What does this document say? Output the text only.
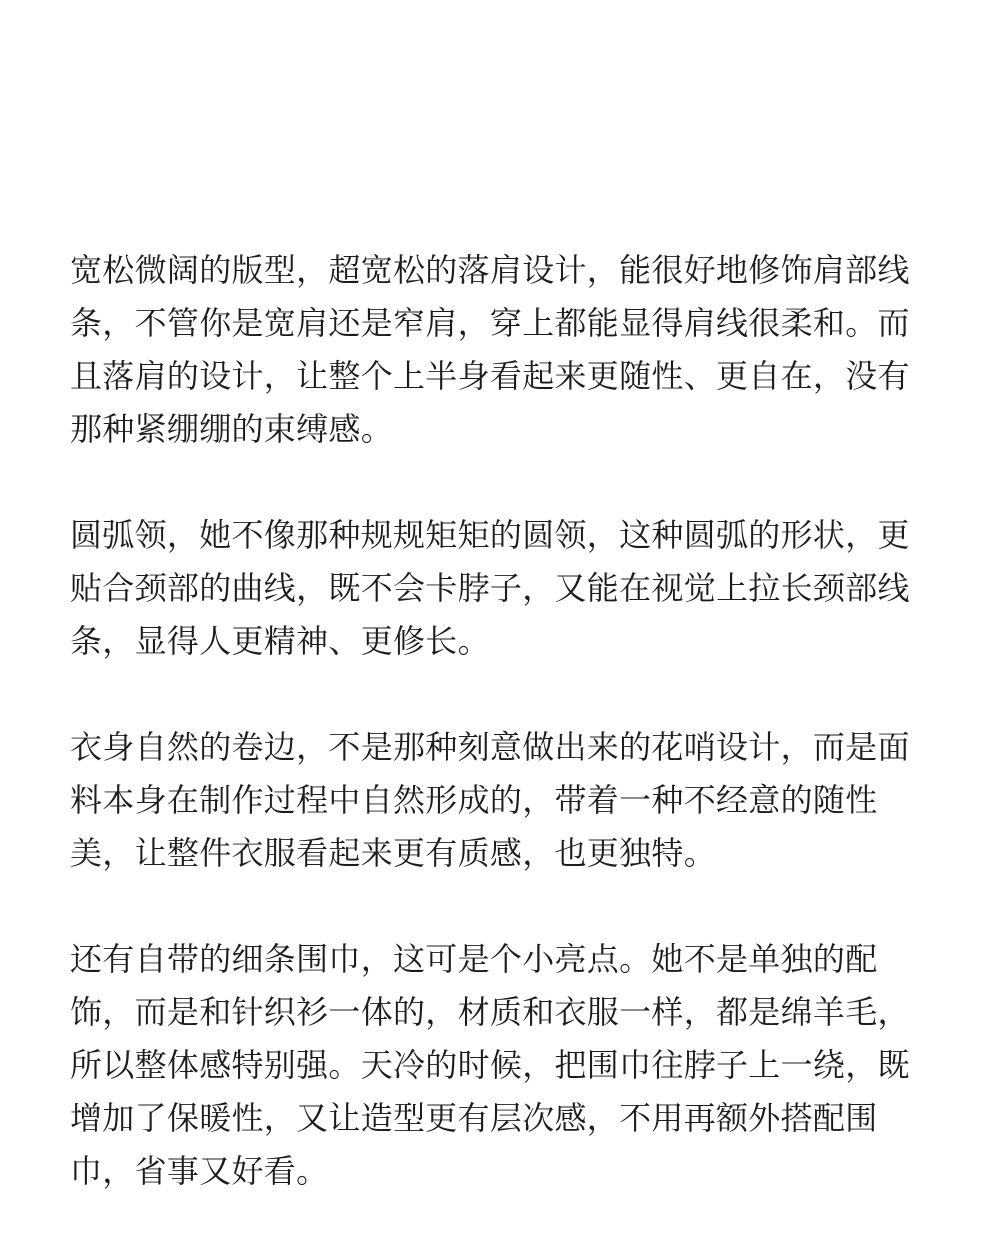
宽松微阔的版型，超宽松的落肩设计，能很好地修饰肩部线条，不管你是宽肩还是窄肩，穿上都能显得肩线很柔和。而且落肩的设计，让整个上半身看起来更随性、更自在，没有那种紧绷绷的束缚感。

圆弧领，她不像那种规规矩矩的圆领，这种圆弧的形状，更贴合颈部的曲线，既不会卡脖子，又能在视觉上拉长颈部线条，显得人更精神、更修长。

衣身自然的卷边，不是那种刻意做出来的花哨设计，而是面料本身在制作过程中自然形成的，带着一种不经意的随性美，让整件衣服看起来更有质感，也更独特。

还有自带的细条围巾，这可是个小亮点。她不是单独的配饰，而是和针织衫一体的，材质和衣服一样，都是绵羊毛，所以整体感特别强。天冷的时候，把围巾往脖子上一绕，既增加了保暖性，又让造型更有层次感，不用再额外搭配围巾，省事又好看。
